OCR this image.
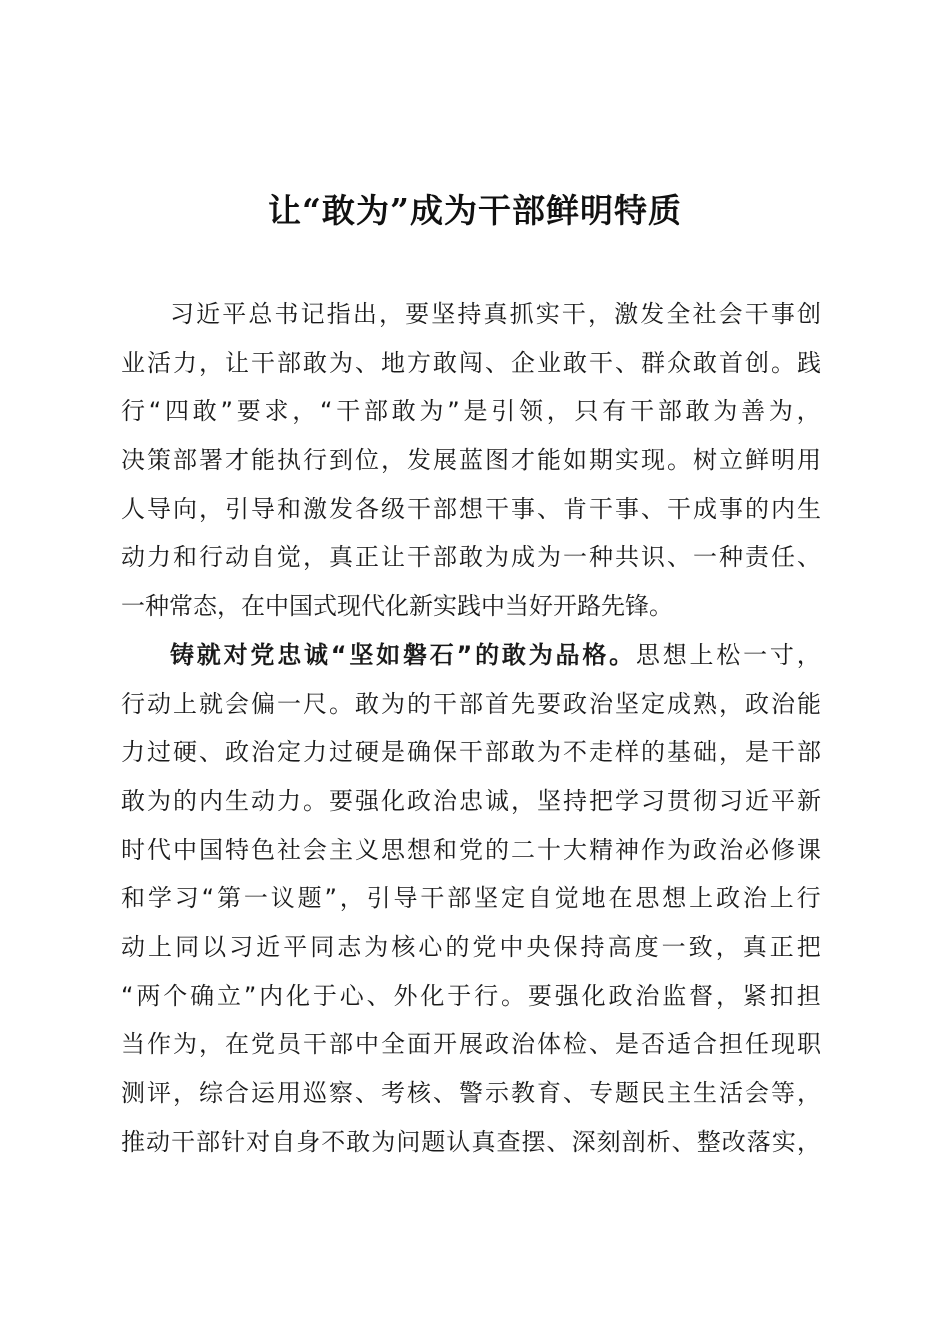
让“敢为”成为干部鲜明特质
习 近 平 总 书 记 指 出 ， 要 坚 持 真 抓 实 干 ， 激 发 全 社 会 干 事 创
业 活 力 ， 让 干 部 敢 为 、 地 方 敢 闯 、 企 业 敢 干 、 群 众 敢 首 创 。 践
行 “ 四 敢 ” 要 求 ， “ 干 部 敢 为 ” 是 引 领 ， 只 有 干 部 敢 为 善 为 ，
决 策 部 署 才 能 执 行 到 位 ， 发 展 蓝 图 才 能 如 期 实 现 。 树 立 鲜 明 用
人 导 向 ， 引 导 和 激 发 各 级 干 部 想 干 事 、 肯 干 事 、 干 成 事 的 内 生
动 力 和 行 动 自 觉 ， 真 正 让 干 部 敢 为 成 为 一 种 共 识 、 一 种 责 任 、
一 种 常 态 ， 在 中 国 式 现 代 化 新 实 践 中 当 好 开 路 先 锋 。
铸 就 对 党 忠 诚 “ 坚 如 磐 石 ” 的 敢 为 品 格 。 思 想 上 松 一 寸 ，
行 动 上 就 会 偏 一 尺 。 敢 为 的 干 部 首 先 要 政 治 坚 定 成 熟 ， 政 治 能
力 过 硬 、 政 治 定 力 过 硬 是 确 保 干 部 敢 为 不 走 样 的 基 础 ， 是 干 部
敢 为 的 内 生 动 力 。 要 强 化 政 治 忠 诚 ， 坚 持 把 学 习 贯 彻 习 近 平 新
时 代 中 国 特 色 社 会 主 义 思 想 和 党 的 二 十 大 精 神 作 为 政 治 必 修 课
和 学 习 “ 第 一 议 题 ” ， 引 导 干 部 坚 定 自 觉 地 在 思 想 上 政 治 上 行
动 上 同 以 习 近 平 同 志 为 核 心 的 党 中 央 保 持 高 度 一 致 ， 真 正 把
“ 两 个 确 立 ” 内 化 于 心 、 外 化 于 行 。 要 强 化 政 治 监 督 ， 紧 扣 担
当 作 为 ， 在 党 员 干 部 中 全 面 开 展 政 治 体 检 、 是 否 适 合 担 任 现 职
测 评 ， 综 合 运 用 巡 察 、 考 核 、 警 示 教 育 、 专 题 民 主 生 活 会 等 ，
推 动 干 部 针 对 自 身 不 敢 为 问 题 认 真 查 摆 、 深 刻 剖 析 、 整 改 落 实 ，
